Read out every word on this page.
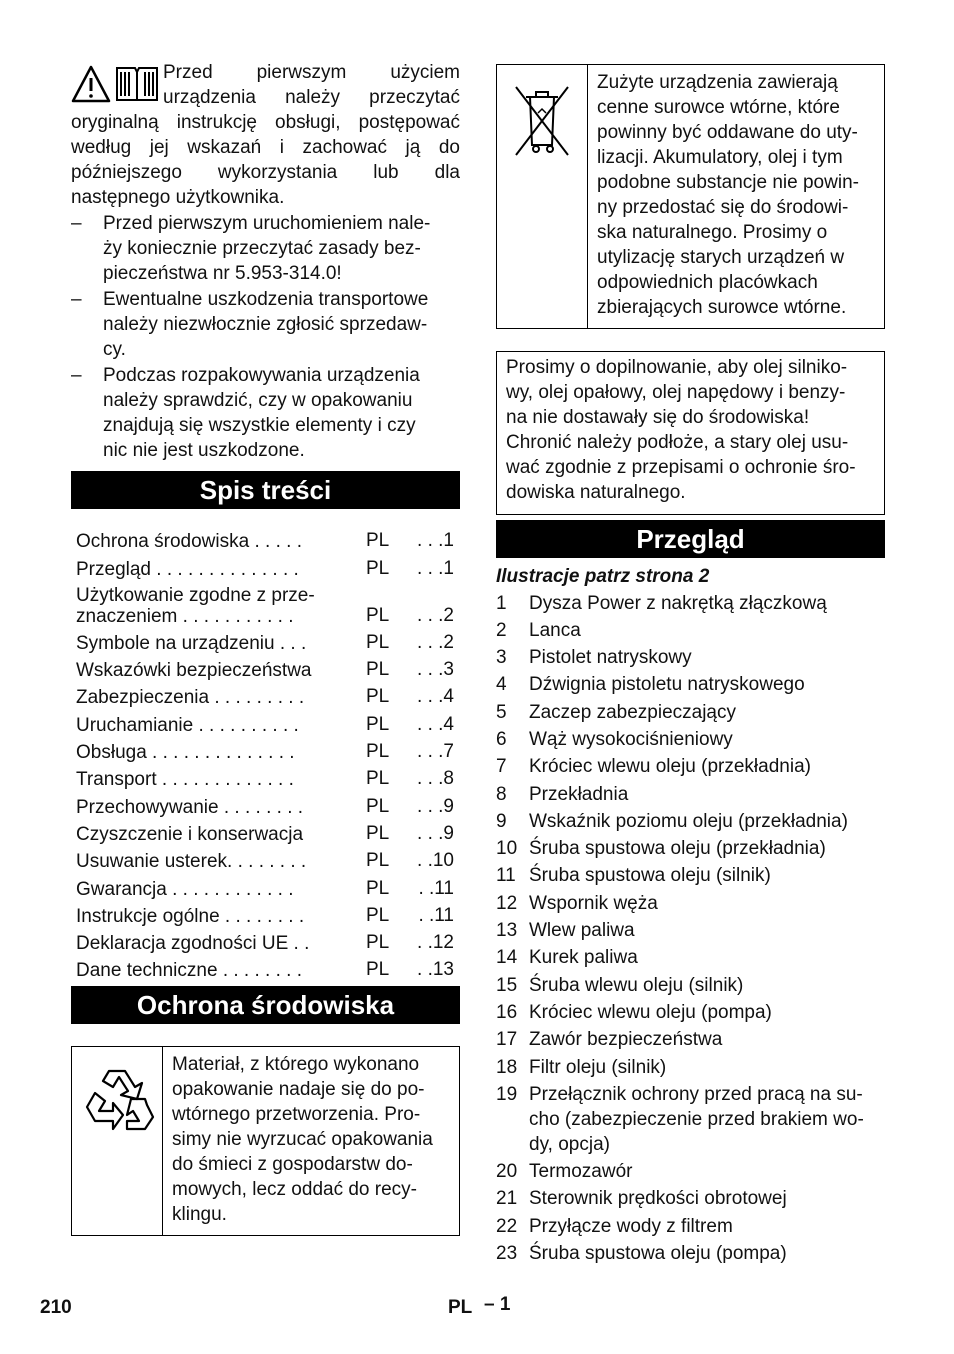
Przed pierwszym użyciem urządzenia należy przeczytać oryginalną instrukcję obsługi, postępować według jej wskazań i zachować ją do późniejszego wykorzystania lub dla następnego użytkownika.

– Przed pierwszym uruchomieniem nale-
ży koniecznie przeczytać zasady bez-
pieczeństwa nr 5.953-314.0!
– Ewentualne uszkodzenia transportowe
należy niezwłocznie zgłosić sprzedaw-
cy.
– Podczas rozpakowywania urządzenia
należy sprawdzić, czy w opakowaniu
znajdują się wszystkie elementy i czy
nic nie jest uszkodzone.
Spis treści
Ochrona środowiska . . . . .	PL	. . .1
Przegląd . . . . . . . . . . . . . .	PL	. . .1
Użytkowanie zgodne z prze-
znaczeniem . . . . . . . . . . .	PL	. . .2
Symbole na urządzeniu . . .	PL	. . .2
Wskazówki bezpieczeństwa	PL	. . .3
Zabezpieczenia . . . . . . . . .	PL	. . .4
Uruchamianie . . . . . . . . . .	PL	. . .4
Obsługa . . . . . . . . . . . . . .	PL	. . .7
Transport . . . . . . . . . . . . .	PL	. . .8
Przechowywanie . . . . . . . .	PL	. . .9
Czyszczenie i konserwacja	PL	. . .9
Usuwanie usterek. . . . . . . .	PL	. .10
Gwarancja . . . . . . . . . . . .	PL	. .11
Instrukcje ogólne . . . . . . . .	PL	. .11
Deklaracja zgodności UE . .	PL	. .12
Dane techniczne . . . . . . . .	PL	. .13
Ochrona środowiska

Materiał, z którego wykonano
opakowanie nadaje się do po-
wtórnego przetworzenia. Pro-
simy nie wyrzucać opakowania
do śmieci z gospodarstw do-
mowych, lecz oddać do recy-
klingu.

Zużyte urządzenia zawierają
cenne surowce wtórne, które
powinny być oddawane do uty-
lizacji. Akumulatory, olej i tym
podobne substancje nie powin-
ny przedostać się do środowi-
ska naturalnego. Prosimy o
utylizację starych urządzeń w
odpowiednich placówkach
zbierających surowce wtórne.

Prosimy o dopilnowanie, aby olej silniko-
wy, olej opałowy, olej napędowy i benzy-
na nie dostawały się do środowiska!
Chronić należy podłoże, a stary olej usu-
wać zgodnie z przepisami o ochronie śro-
dowiska naturalnego.

Przegląd
Ilustracje patrz strona 2
1	Dysza Power z nakrętką złączkową
2	Lanca
3	Pistolet natryskowy
4	Dźwignia pistoletu natryskowego
5	Zaczep zabezpieczający
6	Wąż wysokociśnieniowy
7	Króciec wlewu oleju (przekładnia)
8	Przekładnia
9	Wskaźnik poziomu oleju (przekładnia)
10 Śruba spustowa oleju (przekładnia)
11 Śruba spustowa oleju (silnik)
12 Wspornik węża
13 Wlew paliwa
14 Kurek paliwa
15 Śruba wlewu oleju (silnik)
16 Króciec wlewu oleju (pompa)
17 Zawór bezpieczeństwa
18 Filtr oleju (silnik)
19 Przełącznik ochrony przed pracą na su-
cho (zabezpieczenie przed brakiem wo-
dy, opcja)
20 Termozawór
21 Sterownik prędkości obrotowej
22 Przyłącze wody z filtrem
23 Śruba spustowa oleju (pompa)
210	PL – 1
